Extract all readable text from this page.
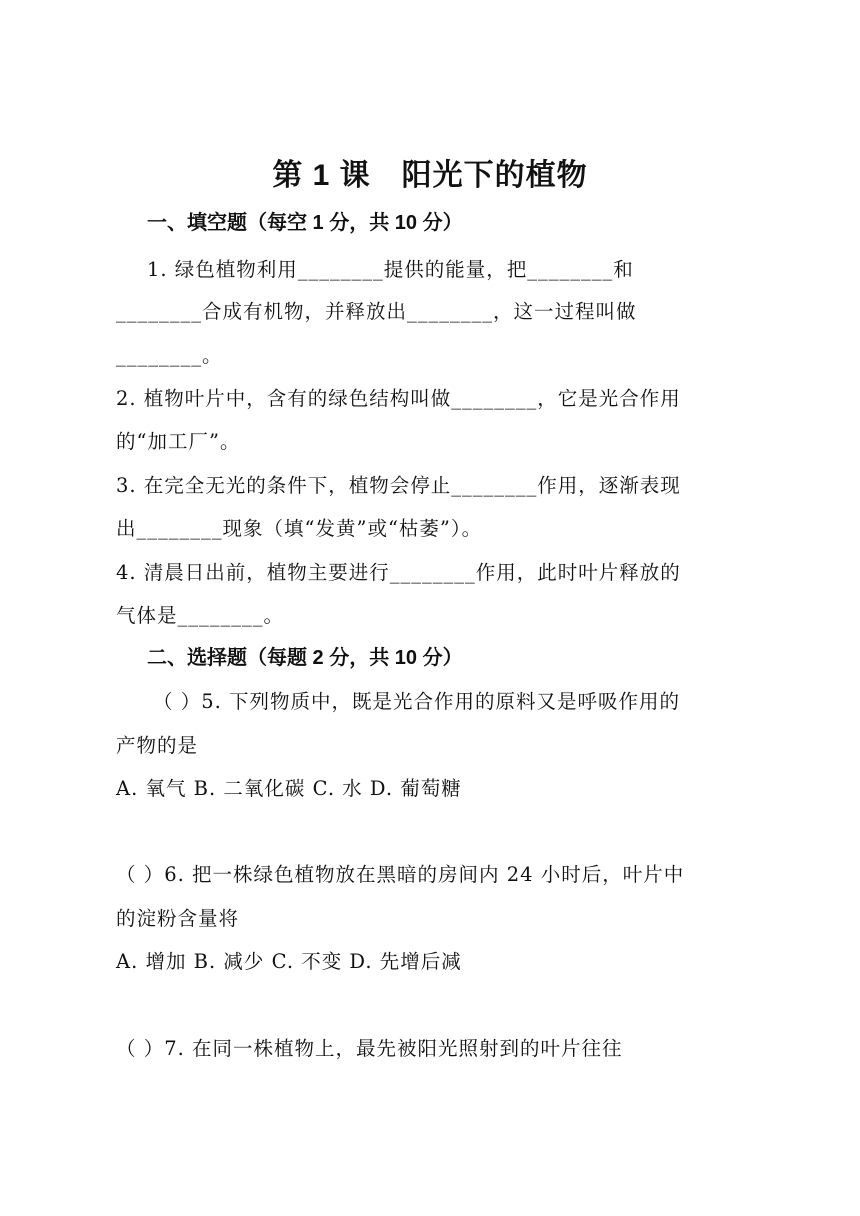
第 1 课　阳光下的植物
一、填空题（每空 1 分，共 10 分）
1. 绿色植物利用________提供的能量，把________和
________合成有机物，并释放出________，这一过程叫做
________。
2. 植物叶片中，含有的绿色结构叫做________，它是光合作用
的“加工厂”。
3. 在完全无光的条件下，植物会停止________作用，逐渐表现
出________现象（填“发黄”或“枯萎”）。
4. 清晨日出前，植物主要进行________作用，此时叶片释放的
气体是________。
二、选择题（每题 2 分，共 10 分）
（ ）5. 下列物质中，既是光合作用的原料又是呼吸作用的
产物的是
A. 氧气 B. 二氧化碳 C. 水 D. 葡萄糖
（ ）6. 把一株绿色植物放在黑暗的房间内 24 小时后，叶片中
的淀粉含量将
A. 增加 B. 减少 C. 不变 D. 先增后减
（ ）7. 在同一株植物上，最先被阳光照射到的叶片往往
